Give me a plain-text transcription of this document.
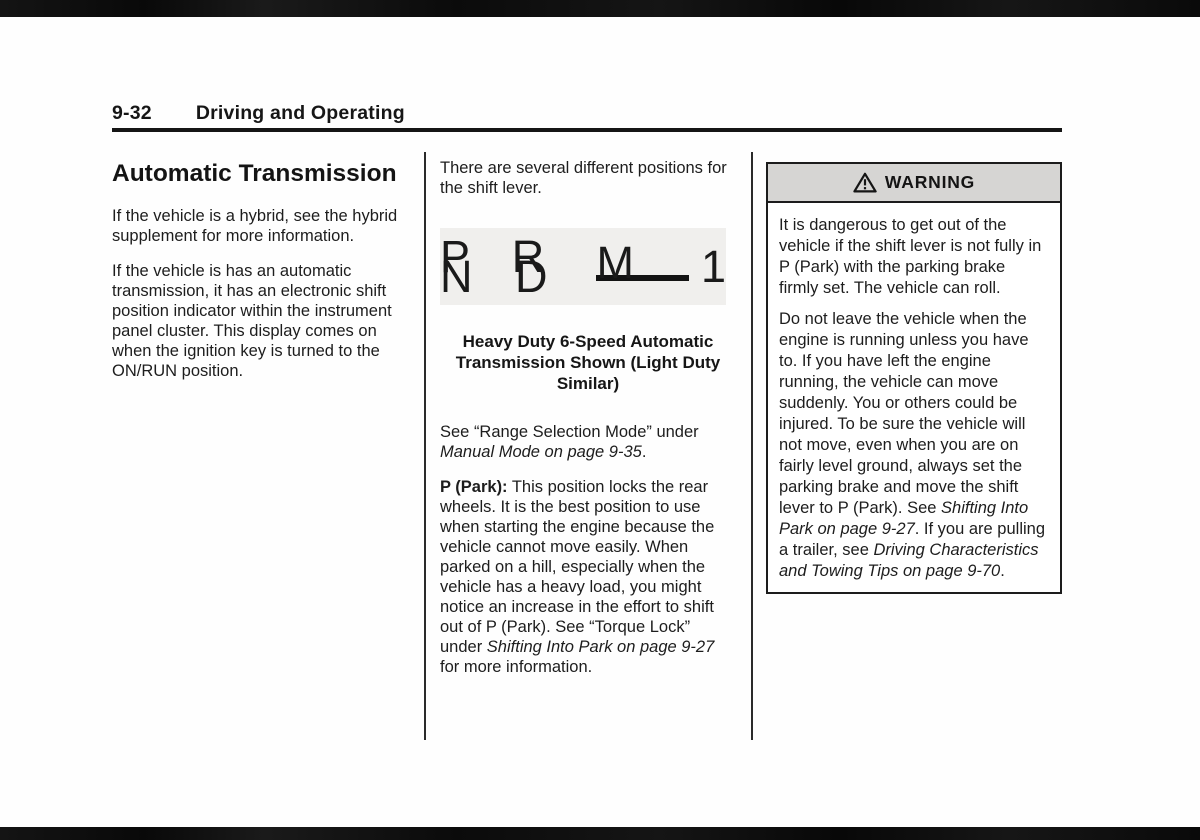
9-32 Driving and Operating
Automatic Transmission

If the vehicle is a hybrid, see the hybrid supplement for more information.

If the vehicle is has an automatic transmission, it has an electronic shift position indicator within the instrument panel cluster. This display comes on when the ignition key is turned to the ON/RUN position.

There are several different positions for the shift lever.

P R N D M 1
Heavy Duty 6-Speed Automatic Transmission Shown (Light Duty Similar)

See “Range Selection Mode” under Manual Mode on page 9-35.

P (Park): This position locks the rear wheels. It is the best position to use when starting the engine because the vehicle cannot move easily. When parked on a hill, especially when the vehicle has a heavy load, you might notice an increase in the effort to shift out of P (Park). See “Torque Lock” under Shifting Into Park on page 9-27 for more information.

WARNING

It is dangerous to get out of the vehicle if the shift lever is not fully in P (Park) with the parking brake firmly set. The vehicle can roll.

Do not leave the vehicle when the engine is running unless you have to. If you have left the engine running, the vehicle can move suddenly. You or others could be injured. To be sure the vehicle will not move, even when you are on fairly level ground, always set the parking brake and move the shift lever to P (Park). See Shifting Into Park on page 9-27. If you are pulling a trailer, see Driving Characteristics and Towing Tips on page 9-70.
